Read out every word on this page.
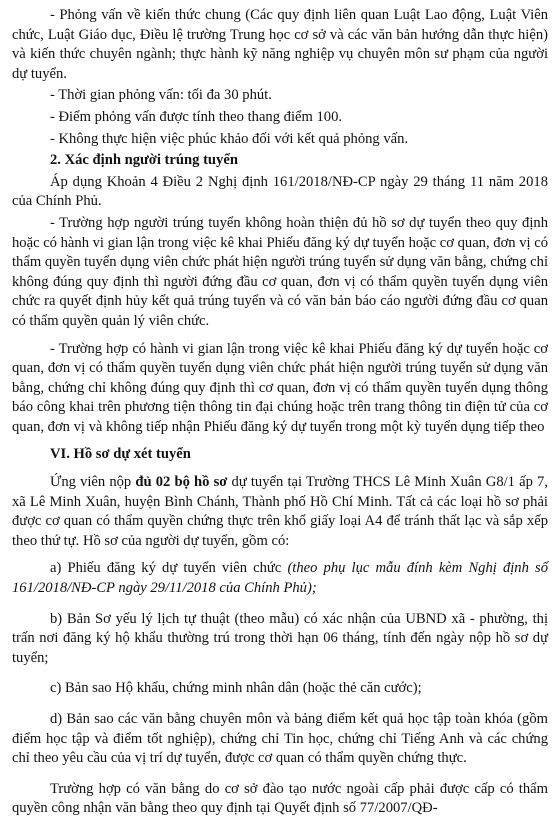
- Phỏng vấn về kiến thức chung (Các quy định liên quan Luật Lao động, Luật Viên chức, Luật Giáo dục, Điều lệ trường Trung học cơ sở và các văn bản hướng dẫn thực hiện) và kiến thức chuyên ngành; thực hành kỹ năng nghiệp vụ chuyên môn sư phạm của người dự tuyển.

- Thời gian phỏng vấn: tối đa 30 phút.

- Điểm phỏng vấn được tính theo thang điểm 100.

- Không thực hiện việc phúc khảo đối với kết quả phỏng vấn.

2. Xác định người trúng tuyển

Áp dụng Khoản 4 Điều 2 Nghị định 161/2018/NĐ-CP ngày 29 tháng 11 năm 2018 của Chính Phủ.

- Trường hợp người trúng tuyển không hoàn thiện đủ hồ sơ dự tuyển theo quy định hoặc có hành vi gian lận trong việc kê khai Phiếu đăng ký dự tuyển hoặc cơ quan, đơn vị có thẩm quyền tuyển dụng viên chức phát hiện người trúng tuyển sử dụng văn bằng, chứng chỉ không đúng quy định thì người đứng đầu cơ quan, đơn vị có thẩm quyền tuyển dụng viên chức ra quyết định hủy kết quả trúng tuyển và có văn bản báo cáo người đứng đầu cơ quan có thẩm quyền quản lý viên chức.

- Trường hợp có hành vi gian lận trong việc kê khai Phiếu đăng ký dự tuyển hoặc cơ quan, đơn vị có thẩm quyền tuyển dụng viên chức phát hiện người trúng tuyển sử dụng văn bằng, chứng chỉ không đúng quy định thì cơ quan, đơn vị có thẩm quyền tuyển dụng thông báo công khai trên phương tiện thông tin đại chúng hoặc trên trang thông tin điện tử của cơ quan, đơn vị và không tiếp nhận Phiếu đăng ký dự tuyển trong một kỳ tuyển dụng tiếp theo

VI. Hồ sơ dự xét tuyển

Ứng viên nộp đủ 02 bộ hồ sơ dự tuyển tại Trường THCS Lê Minh Xuân G8/1 ấp 7, xã Lê Minh Xuân, huyện Bình Chánh, Thành phố Hồ Chí Minh. Tất cả các loại hồ sơ phải được cơ quan có thẩm quyền chứng thực trên khổ giấy loại A4 để tránh thất lạc và sắp xếp theo thứ tự. Hồ sơ của người dự tuyển, gồm có:

a) Phiếu đăng ký dự tuyển viên chức (theo phụ lục mẫu đính kèm Nghị định số 161/2018/NĐ-CP ngày 29/11/2018 của Chính Phủ);

b) Bản Sơ yếu lý lịch tự thuật (theo mẫu) có xác nhận của UBND xã - phường, thị trấn nơi đăng ký hộ khẩu thường trú trong thời hạn 06 tháng, tính đến ngày nộp hồ sơ dự tuyển;

c) Bản sao Hộ khẩu, chứng minh nhân dân (hoặc thẻ căn cước);

d) Bản sao các văn bằng chuyên môn và bảng điểm kết quả học tập toàn khóa (gồm điểm học tập và điểm tốt nghiệp), chứng chỉ Tin học, chứng chỉ Tiếng Anh và các chứng chỉ theo yêu cầu của vị trí dự tuyển, được cơ quan có thẩm quyền chứng thực.

Trường hợp có văn bằng do cơ sở đào tạo nước ngoài cấp phải được cấp có thẩm quyền công nhận văn bằng theo quy định tại Quyết định số 77/2007/QĐ-
